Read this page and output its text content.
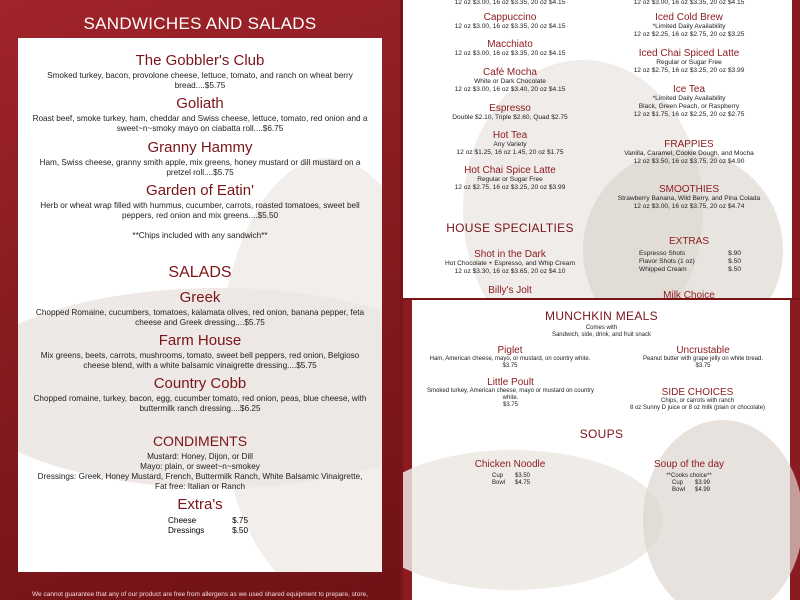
SANDWICHES AND SALADS
The Gobbler's Club
Smoked turkey, bacon, provolone cheese, lettuce, tomato, and ranch on wheat berry bread....$5.75
Goliath
Roast beef, smoke turkey, ham, cheddar and Swiss cheese, lettuce, tomato, red onion and a sweet~n~smoky mayo on ciabatta roll....$6.75
Granny Hammy
Ham, Swiss cheese, granny smith apple, mix greens, honey mustard or dill mustard on a pretzel roll....$5.75
Garden of Eatin'
Herb or wheat wrap filled with hummus, cucumber, carrots, roasted tomatoes, sweet bell peppers, red onion and mix greens....$5.50
**Chips included with any sandwich**
SALADS
Greek
Chopped Romaine, cucumbers, tomatoes, kalamata olives, red onion, banana pepper, feta cheese and Greek dressing....$5.75
Farm House
Mix greens, beets, carrots, mushrooms, tomato, sweet bell peppers, red onion, Belgioso cheese blend, with a white balsamic vinaigrette dressing....$5.75
Country Cobb
Chopped romaine, turkey, bacon, egg, cucumber tomato, red onion, peas, blue cheese, with buttermilk ranch dressing....$6.25
CONDIMENTS
Mustard: Honey, Dijon, or Dill
Mayo: plain, or sweet~n~smokey
Dressings: Greek, Honey Mustard, French, Buttermilk Ranch, White Balsamic Vinaigrette,
Fat free: Italian or Ranch
Extra's
Cheese	$.75
Dressings	$.50
We cannot guarantee that any of our product are free from allergens as we used shared equipment to prepare, store,
12 oz $3.00, 16 oz $3.35, 20 oz $4.15
Cappuccino
12 oz $3.00, 16 oz $3.35, 20 oz $4.15
Macchiato
12 oz $3.00, 16 oz $3.35, 20 oz $4.15
Café Mocha
White or Dark Chocolate
12 oz $3.00, 16 oz $3.40, 20 oz $4.15
Espresso
Double $2.10, Triple $2.60, Quad $2.75
Hot Tea
Any Variety
12 oz $1.25, 16 oz 1.45, 20 oz $1.75
Hot Chai Spice Latte
Regular or Sugar Free
12 oz $2.75, 16 oz $3.25, 20 oz $3.99
HOUSE SPECIALTIES
Shot in the Dark
Hot Chocolate + Espresso, and Whip Cream
12 oz $3.30, 16 oz $3.65, 20 oz $4.10
Billy's Jolt
12 oz $3.00, 16 oz $3.35, 20 oz $4.15
Iced Cold Brew
*Limited Daily Availability
12 oz $2.25, 16 oz $2.75, 20 oz $3.25
Iced Chai Spiced Latte
Regular or Sugar Free
12 oz $2.75, 16 oz $3.25, 20 oz $3.99
Ice Tea
*Limited Daily Availability
Black, Green Peach, or Raspberry
12 oz $1.75, 16 oz $2.25, 20 oz $2.75
FRAPPIES
Vanilla, Caramel, Cookie Dough, and Mocha
12 oz $3.50, 16 oz $3.75, 20 oz $4.90
SMOOTHIES
Strawberry Banana, Wild Berry, and Pina Colada
12 oz $3.00, 16 oz $3.75, 20 oz $4.74
EXTRAS
Espresso Shots	$.90
Flavor Shots (1 oz)	$.50
Whipped Cream	$.50
Milk Choice
MUNCHKIN MEALS
Comes with
Sandwich, side, drink, and fruit snack
Piglet
Ham, American cheese, mayo, or mustard, on country white.
$3.75
Uncrustable
Peanut butter with grape jelly on white bread.
$3.75
Little Poult
Smoked turkey, American cheese, mayo or mustard on country white.
$3.75
SIDE CHOICES
Chips, or carrots with ranch
8 oz Sunny D juice or 8 oz milk (plain or chocolate)
SOUPS
Chicken Noodle
Cup $3.50
Bowl $4.75
Soup of the day
**Cooks choice**
Cup $3.99
Bowl $4.99
